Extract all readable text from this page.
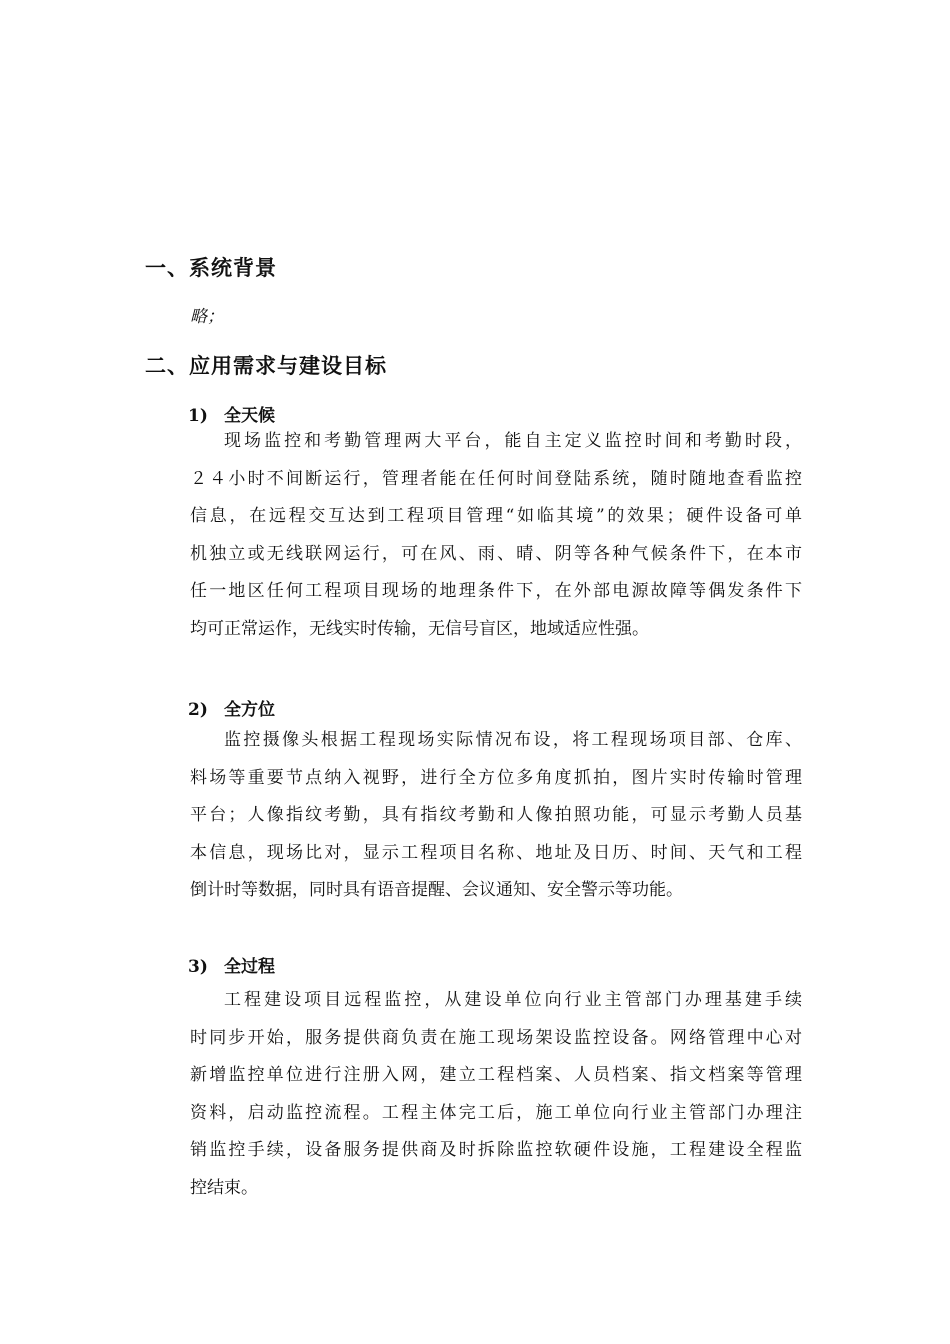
一、系统背景
略；
二、应用需求与建设目标
1) 全天候
现场监控和考勤管理两大平台，能自主定义监控时间和考勤时段，
２４小时不间断运行，管理者能在任何时间登陆系统，随时随地查看监控
信息，在远程交互达到工程项目管理“如临其境”的效果；硬件设备可单
机独立或无线联网运行，可在风、雨、晴、阴等各种气候条件下，在本市
任一地区任何工程项目现场的地理条件下，在外部电源故障等偶发条件下
均可正常运作，无线实时传输，无信号盲区，地域适应性强。
2) 全方位
监控摄像头根据工程现场实际情况布设，将工程现场项目部、仓库、
料场等重要节点纳入视野，进行全方位多角度抓拍，图片实时传输时管理
平台；人像指纹考勤，具有指纹考勤和人像拍照功能，可显示考勤人员基
本信息，现场比对，显示工程项目名称、地址及日历、时间、天气和工程
倒计时等数据，同时具有语音提醒、会议通知、安全警示等功能。
3) 全过程
工程建设项目远程监控，从建设单位向行业主管部门办理基建手续
时同步开始，服务提供商负责在施工现场架设监控设备。网络管理中心对
新增监控单位进行注册入网，建立工程档案、人员档案、指文档案等管理
资料，启动监控流程。工程主体完工后，施工单位向行业主管部门办理注
销监控手续，设备服务提供商及时拆除监控软硬件设施，工程建设全程监
控结束。
